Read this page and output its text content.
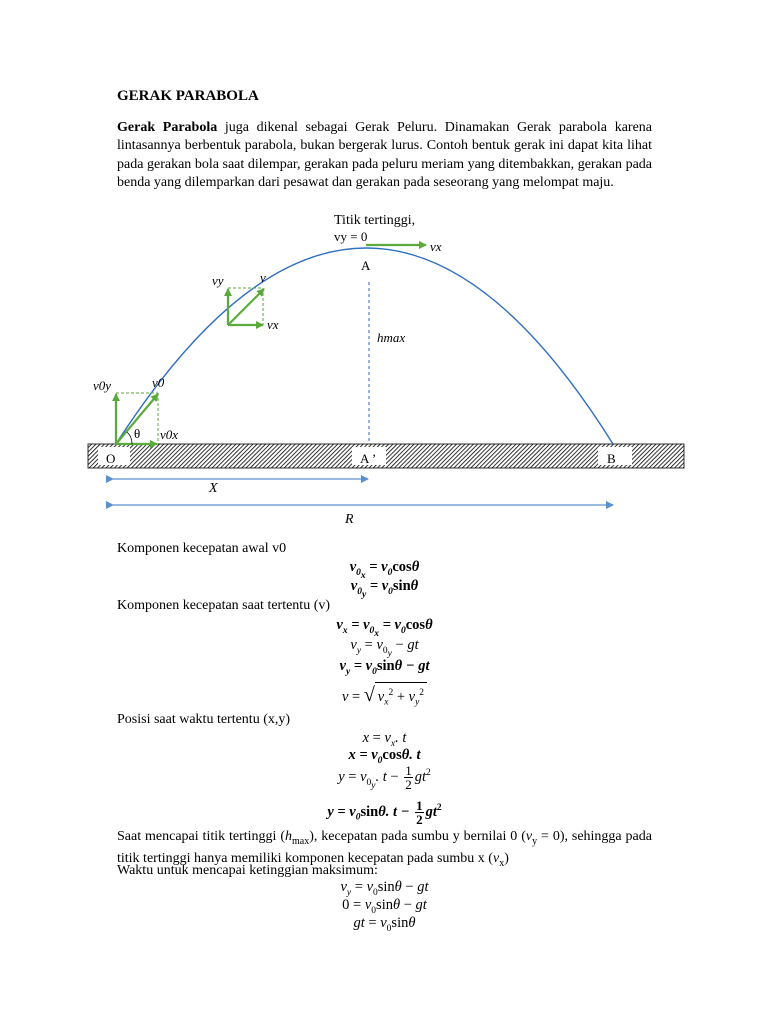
GERAK PARABOLA
Gerak Parabola juga dikenal sebagai Gerak Peluru. Dinamakan Gerak parabola karena lintasannya berbentuk parabola, bukan bergerak lurus. Contoh bentuk gerak ini dapat kita lihat pada gerakan bola saat dilempar, gerakan pada peluru meriam yang ditembakkan, gerakan pada benda yang dilemparkan dari pesawat dan gerakan pada seseorang yang melompat maju.
Titik tertinggi,
vy = 0
vx
A
vy	v
vx
hmax
v0y	v0
θ v0x
O	A ’	B
X
R
Komponen kecepatan awal v0
$v_{0_x} = v_0\cos\theta$
$v_{0_y} = v_0\sin\theta$
Komponen kecepatan saat tertentu (v)
$v_x = v_{0_x} = v_0\cos\theta$
$v_y = v_{0_y}$ − gt
$v_y = v_0\sin\theta$ − gt
v = √ $v_x^2 + v_y^2$
Posisi saat waktu tertentu (x,y)
$x = v_x$. t
$x = v_0\cos\theta$. t
$y = v_{0_y}$. $t - \frac{1}{2} gt^2$
$y = v_0\sin\theta$. $t - \frac{1}{2} gt^2$
Saat mencapai titik tertinggi $(h_{max})$, kecepatan pada sumbu y bernilai 0 $(v_y = 0)$, sehingga pada titik tertinggi hanya memiliki komponen kecepatan pada sumbu x $(v_x)$
Waktu untuk mencapai ketinggian maksimum:
$v_y = v_0\sin\theta$ − gt
$0 = v_0\sin\theta$ − gt
gt = $v_0\sin\theta$
